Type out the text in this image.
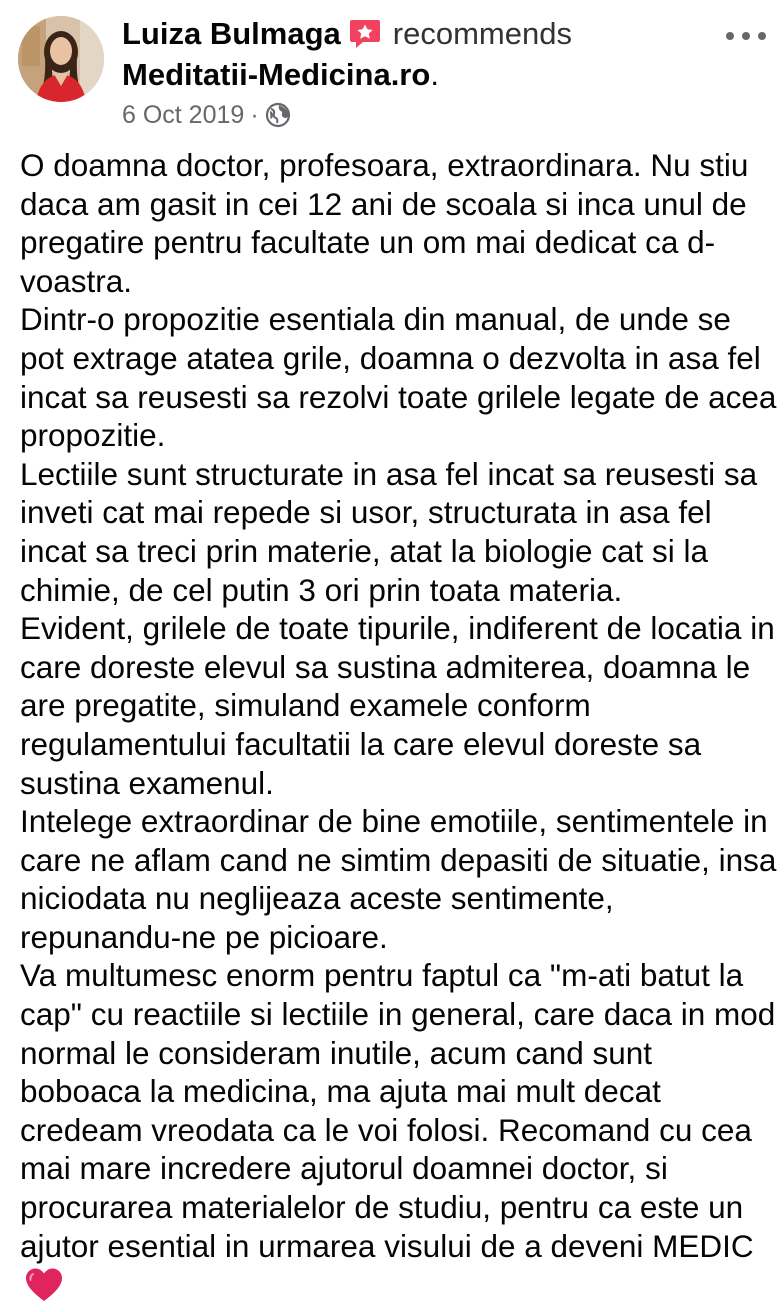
Luiza Bulmaga recommends
Meditatii-Medicina.ro.
6 Oct 2019 ·

O doamna doctor, profesoara, extraordinara. Nu stiu daca am gasit in cei 12 ani de scoala si inca unul de pregatire pentru facultate un om mai dedicat ca d-voastra.

Dintr-o propozitie esentiala din manual, de unde se pot extrage atatea grile, doamna o dezvolta in asa fel incat sa reusesti sa rezolvi toate grilele legate de acea propozitie.

Lectiile sunt structurate in asa fel incat sa reusesti sa inveti cat mai repede si usor, structurata in asa fel incat sa treci prin materie, atat la biologie cat si la chimie, de cel putin 3 ori prin toata materia.

Evident, grilele de toate tipurile, indiferent de locatia in care doreste elevul sa sustina admiterea, doamna le are pregatite, simuland examele conform regulamentului facultatii la care elevul doreste sa sustina examenul.

Intelege extraordinar de bine emotiile, sentimentele in care ne aflam cand ne simtim depasiti de situatie, insa niciodata nu neglijeaza aceste sentimente, repunandu-ne pe picioare.

Va multumesc enorm pentru faptul ca "m-ati batut la cap" cu reactiile si lectiile in general, care daca in mod normal le consideram inutile, acum cand sunt boboaca la medicina, ma ajuta mai mult decat credeam vreodata ca le voi folosi. Recomand cu cea mai mare incredere ajutorul doamnei doctor, si procurarea materialelor de studiu, pentru ca este un ajutor esential in urmarea visului de a deveni MEDIC
